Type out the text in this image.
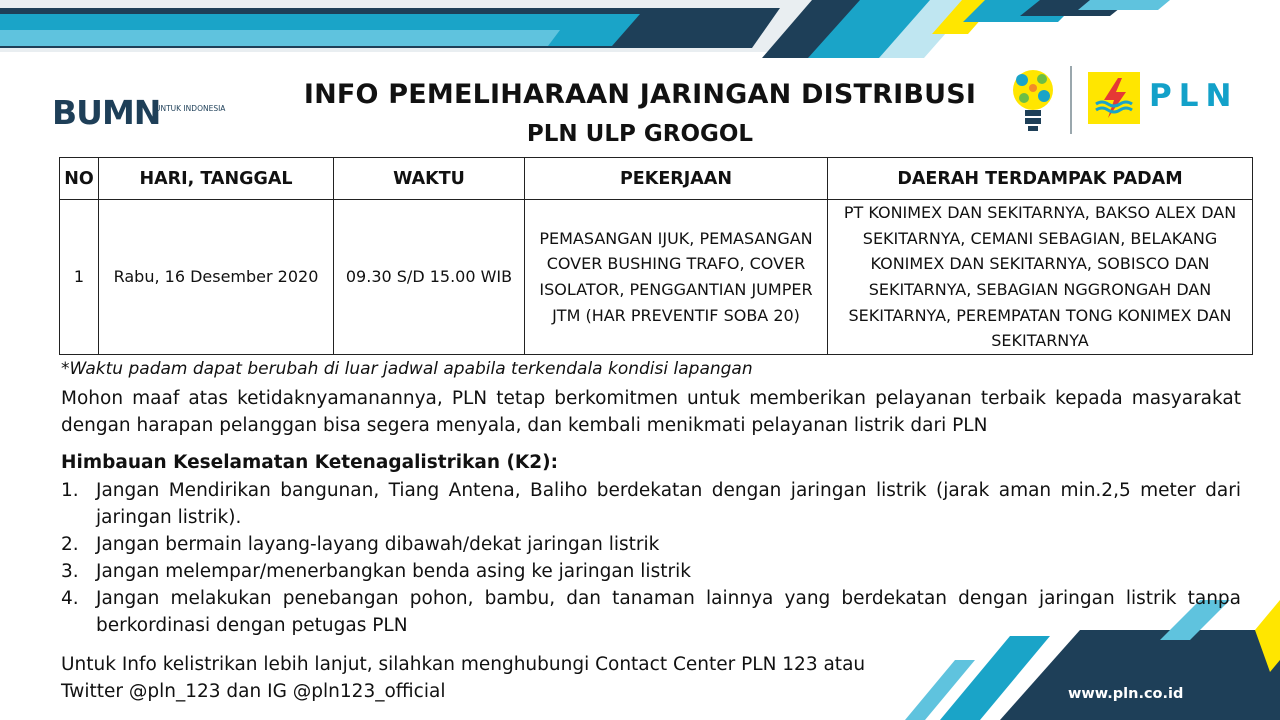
BUMN
UNTUK INDONESIA	INFO PEMELIHARAAN JARINGAN DISTRIBUSI
PLN ULP GROGOL
PLN
NO	HARI, TANGGAL	WAKTU	PEKERJAAN	DAERAH TERDAMPAK PADAM
1	Rabu, 16 Desember 2020	09.30 S/D 15.00 WIB	PEMASANGAN IJUK, PEMASANGAN COVER BUSHING TRAFO, COVER ISOLATOR, PENGGANTIAN JUMPER JTM (HAR PREVENTIF SOBA 20)	PT KONIMEX DAN SEKITARNYA, BAKSO ALEX DAN SEKITARNYA, CEMANI SEBAGIAN, BELAKANG KONIMEX DAN SEKITARNYA, SOBISCO DAN SEKITARNYA, SEBAGIAN NGGRONGAH DAN SEKITARNYA, PEREMPATAN TONG KONIMEX DAN SEKITARNYA
*Waktu padam dapat berubah di luar jadwal apabila terkendala kondisi lapangan
Mohon maaf atas ketidaknyamanannya, PLN tetap berkomitmen untuk memberikan pelayanan terbaik kepada masyarakat dengan harapan pelanggan bisa segera menyala, dan kembali menikmati pelayanan listrik dari PLN
Himbauan Keselamatan Ketenagalistrikan (K2):
1. Jangan Mendirikan bangunan, Tiang Antena, Baliho berdekatan dengan jaringan listrik (jarak aman min.2,5 meter dari jaringan listrik).
2. Jangan bermain layang-layang dibawah/dekat jaringan listrik
3. Jangan melempar/menerbangkan benda asing ke jaringan listrik
4. Jangan melakukan penebangan pohon, bambu, dan tanaman lainnya yang berdekatan dengan jaringan listrik tanpa berkordinasi dengan petugas PLN
Untuk Info kelistrikan lebih lanjut, silahkan menghubungi Contact Center PLN 123 atau
Twitter @pln_123 dan IG @pln123_official	www.pln.co.id
